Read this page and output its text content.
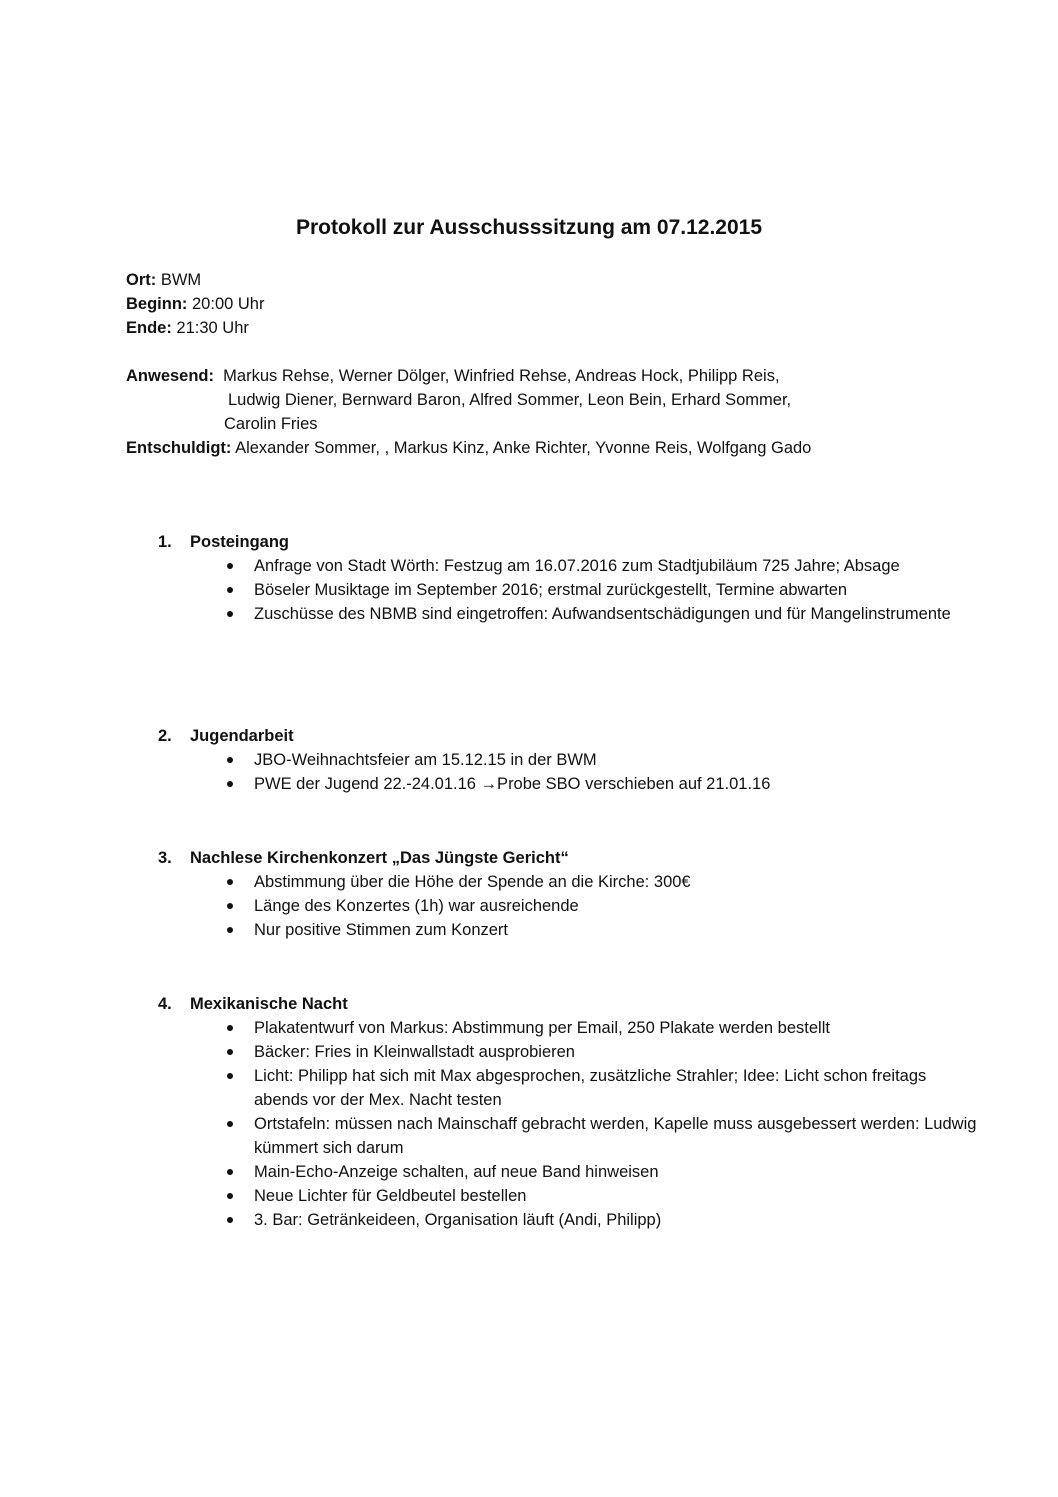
Protokoll zur Ausschusssitzung am 07.12.2015
Ort: BWM
Beginn: 20:00 Uhr
Ende: 21:30 Uhr
Anwesend:  Markus Rehse, Werner Dölger, Winfried Rehse, Andreas Hock, Philipp Reis,
Ludwig Diener, Bernward Baron, Alfred Sommer, Leon Bein, Erhard Sommer,
Carolin Fries
Entschuldigt: Alexander Sommer, , Markus Kinz, Anke Richter, Yvonne Reis, Wolfgang Gado
1. Posteingang
Anfrage von Stadt Wörth: Festzug am 16.07.2016 zum Stadtjubiläum 725 Jahre; Absage
Böseler Musiktage im September 2016; erstmal zurückgestellt, Termine abwarten
Zuschüsse des NBMB sind eingetroffen: Aufwandsentschädigungen und für Mangelinstrumente
2. Jugendarbeit
JBO-Weihnachtsfeier am 15.12.15 in der BWM
PWE der Jugend 22.-24.01.16 →Probe SBO verschieben auf 21.01.16
3. Nachlese Kirchenkonzert „Das Jüngste Gericht“
Abstimmung über die Höhe der Spende an die Kirche: 300€
Länge des Konzertes (1h) war ausreichende
Nur positive Stimmen zum Konzert
4. Mexikanische Nacht
Plakatentwurf von Markus: Abstimmung per Email, 250 Plakate werden bestellt
Bäcker: Fries in Kleinwallstadt ausprobieren
Licht: Philipp hat sich mit Max abgesprochen, zusätzliche Strahler; Idee: Licht schon freitags abends vor der Mex. Nacht testen
Ortstafeln: müssen nach Mainschaff gebracht werden, Kapelle muss ausgebessert werden: Ludwig kümmert sich darum
Main-Echo-Anzeige schalten, auf neue Band hinweisen
Neue Lichter für Geldbeutel bestellen
3. Bar: Getränkeideen, Organisation läuft (Andi, Philipp)
